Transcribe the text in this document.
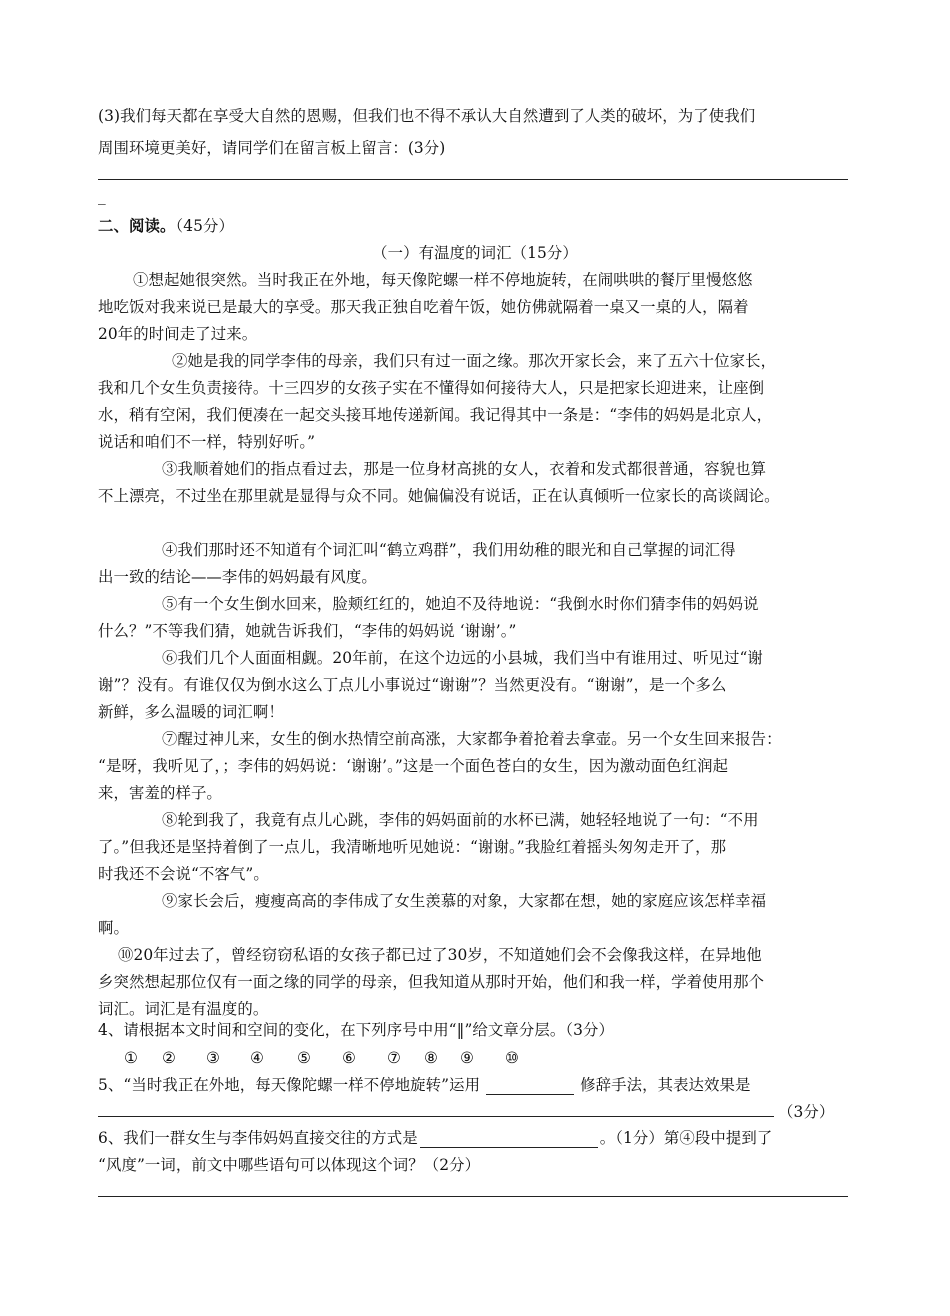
(3)我们每天都在享受大自然的恩赐，但我们也不得不承认大自然遭到了人类的破坏，为了使我们
周围环境更美好，请同学们在留言板上留言：(3分)
_
二、阅读。（45分）
（一）有温度的词汇（15分）
①想起她很突然。当时我正在外地，每天像陀螺一样不停地旋转，在闹哄哄的餐厅里慢悠悠
地吃饭对我来说已是最大的享受。那天我正独自吃着午饭，她仿佛就隔着一桌又一桌的人，隔着
20年的时间走了过来。
②她是我的同学李伟的母亲，我们只有过一面之缘。那次开家长会，来了五六十位家长，
我和几个女生负责接待。十三四岁的女孩子实在不懂得如何接待大人，只是把家长迎进来，让座倒
水，稍有空闲，我们便凑在一起交头接耳地传递新闻。我记得其中一条是：“李伟的妈妈是北京人，
说话和咱们不一样，特别好听。”
③我顺着她们的指点看过去，那是一位身材高挑的女人，衣着和发式都很普通，容貌也算
不上漂亮，不过坐在那里就是显得与众不同。她偏偏没有说话，正在认真倾听一位家长的高谈阔论。
④我们那时还不知道有个词汇叫“鹤立鸡群”，我们用幼稚的眼光和自己掌握的词汇得
出一致的结论——李伟的妈妈最有风度。
⑤有一个女生倒水回来，脸颊红红的，她迫不及待地说：“我倒水时你们猜李伟的妈妈说
什么？”不等我们猜，她就告诉我们，“李伟的妈妈说 ‘谢谢’。”
⑥我们几个人面面相觑。20年前，在这个边远的小县城，我们当中有谁用过、听见过“谢
谢”？没有。有谁仅仅为倒水这么丁点儿小事说过“谢谢”？当然更没有。“谢谢”，是一个多么
新鲜，多么温暖的词汇啊！
⑦醒过神儿来，女生的倒水热情空前高涨，大家都争着抢着去拿壶。另一个女生回来报告：
“是呀，我听见了，；李伟的妈妈说：‘谢谢’。”这是一个面色苍白的女生，因为激动面色红润起
来，害羞的样子。
⑧轮到我了，我竟有点儿心跳，李伟的妈妈面前的水杯已满，她轻轻地说了一句：“不用
了。”但我还是坚持着倒了一点儿，我清晰地听见她说：“谢谢。”我脸红着摇头匆匆走开了，那
时我还不会说“不客气”。
⑨家长会后，瘦瘦高高的李伟成了女生羡慕的对象，大家都在想，她的家庭应该怎样幸福
啊。
⑩20年过去了，曾经窃窃私语的女孩子都已过了30岁，不知道她们会不会像我这样，在异地他
乡突然想起那位仅有一面之缘的同学的母亲，但我知道从那时开始，他们和我一样，学着使用那个
词汇。词汇是有温度的。
4、请根据本文时间和空间的变化，在下列序号中用“‖”给文章分层。（3分）
① ② ③ ④ ⑤ ⑥ ⑦ ⑧ ⑨ ⑩
5、“当时我正在外地，每天像陀螺一样不停地旋转”运用	修辞手法，其表达效果是
（3分）
6、我们一群女生与李伟妈妈直接交往的方式是	。（1分）第④段中提到了
“风度”一词，前文中哪些语句可以体现这个词？（2分）
